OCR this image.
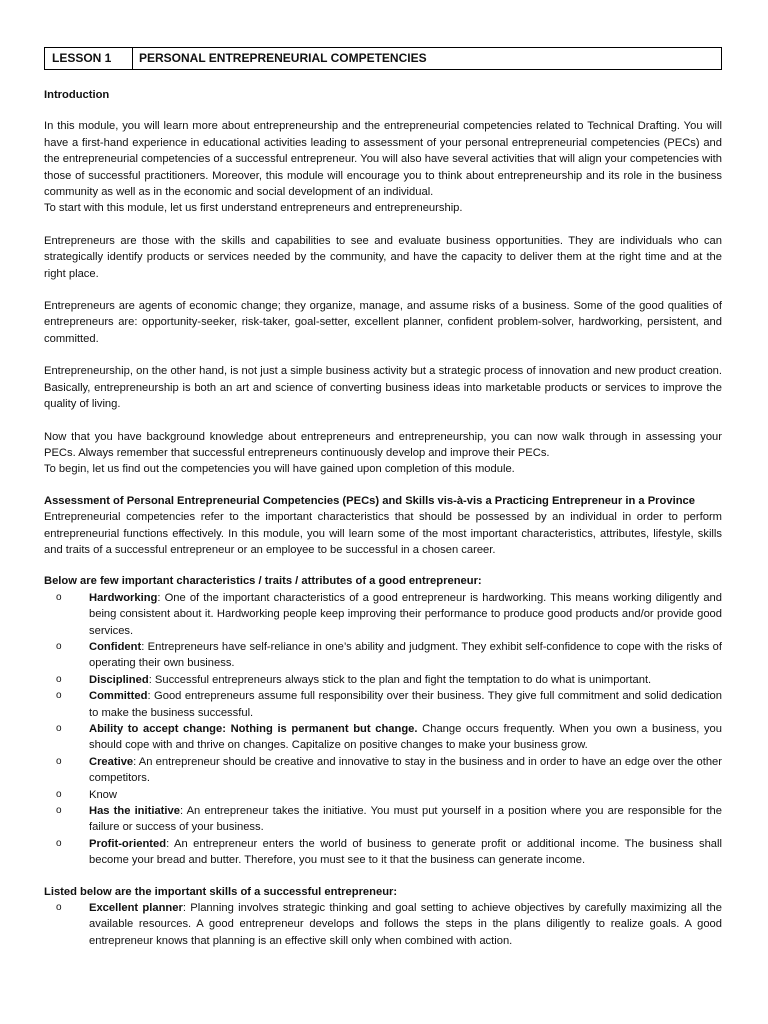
LESSON 1	PERSONAL ENTREPRENEURIAL COMPETENCIES

Introduction

In this module, you will learn more about entrepreneurship and the entrepreneurial competencies related to Technical Drafting. You will have a first-hand experience in educational activities leading to assessment of your personal entrepreneurial competencies (PECs) and the entrepreneurial competencies of a successful entrepreneur. You will also have several activities that will align your competencies with those of successful practitioners. Moreover, this module will encourage you to think about entrepreneurship and its role in the business community as well as in the economic and social development of an individual.

To start with this module, let us first understand entrepreneurs and entrepreneurship.

Entrepreneurs are those with the skills and capabilities to see and evaluate business opportunities. They are individuals who can strategically identify products or services needed by the community, and have the capacity to deliver them at the right time and at the right place.

Entrepreneurs are agents of economic change; they organize, manage, and assume risks of a business. Some of the good qualities of entrepreneurs are: opportunity-seeker, risk-taker, goal-setter, excellent planner, confident problem-solver, hardworking, persistent, and committed.

Entrepreneurship, on the other hand, is not just a simple business activity but a strategic process of innovation and new product creation. Basically, entrepreneurship is both an art and science of converting business ideas into marketable products or services to improve the quality of living.

Now that you have background knowledge about entrepreneurs and entrepreneurship, you can now walk through in assessing your PECs. Always remember that successful entrepreneurs continuously develop and improve their PECs.

To begin, let us find out the competencies you will have gained upon completion of this module.

Assessment of Personal Entrepreneurial Competencies (PECs) and Skills vis-à-vis a Practicing Entrepreneur in a Province

Entrepreneurial competencies refer to the important characteristics that should be possessed by an individual in order to perform entrepreneurial functions effectively. In this module, you will learn some of the most important characteristics, attributes, lifestyle, skills and traits of a successful entrepreneur or an employee to be successful in a chosen career.

Below are few important characteristics / traits / attributes of a good entrepreneur:

o Hardworking: One of the important characteristics of a good entrepreneur is hardworking. This means working diligently and being consistent about it. Hardworking people keep improving their performance to produce good products and/or provide good services.
o Confident: Entrepreneurs have self-reliance in one’s ability and judgment. They exhibit self-confidence to cope with the risks of operating their own business.
o Disciplined: Successful entrepreneurs always stick to the plan and fight the temptation to do what is unimportant.
o Committed: Good entrepreneurs assume full responsibility over their business. They give full commitment and solid dedication to make the business successful.
o Ability to accept change: Nothing is permanent but change. Change occurs frequently. When you own a business, you should cope with and thrive on changes. Capitalize on positive changes to make your business grow.
o Creative: An entrepreneur should be creative and innovative to stay in the business and in order to have an edge over the other competitors.
o Know
o Has the initiative: An entrepreneur takes the initiative. You must put yourself in a position where you are responsible for the failure or success of your business.
o Profit-oriented: An entrepreneur enters the world of business to generate profit or additional income. The business shall become your bread and butter. Therefore, you must see to it that the business can generate income.

Listed below are the important skills of a successful entrepreneur:

o Excellent planner: Planning involves strategic thinking and goal setting to achieve objectives by carefully maximizing all the available resources. A good entrepreneur develops and follows the steps in the plans diligently to realize goals. A good entrepreneur knows that planning is an effective skill only when combined with action.
